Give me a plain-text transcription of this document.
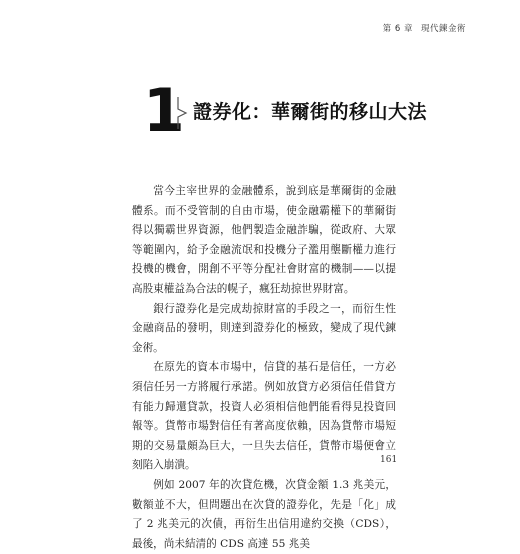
第 6 章 現代鍊金術
1 證券化：華爾街的移山大法

當今主宰世界的金融體系，說到底是華爾街的金融體系。而不受管制的自由市場，使金融霸權下的華爾街得以獨霸世界資源，他們製造金融詐騙，從政府、大眾等範圍內，給予金融流氓和投機分子濫用壟斷權力進行投機的機會，開創不平等分配社會財富的機制——以提高股東權益為合法的幌子，瘋狂劫掠世界財富。

銀行證券化是完成劫掠財富的手段之一，而衍生性金融商品的發明，則達到證券化的極致，變成了現代鍊金術。

在原先的資本市場中，信貸的基石是信任，一方必須信任另一方將履行承諾。例如放貸方必須信任借貸方有能力歸還貸款，投資人必須相信他們能看得見投資回報等。貨幣市場對信任有著高度依賴，因為貨幣市場短期的交易量頗為巨大，一旦失去信任，貨幣市場便會立刻陷入崩潰。

例如 2007 年的次貸危機，次貸金額 1.3 兆美元，數額並不大，但問題出在次貸的證券化，先是「化」成了 2 兆美元的次債，再衍生出信用違約交換（CDS），最後，尚未結清的 CDS 高達 55 兆美

161
